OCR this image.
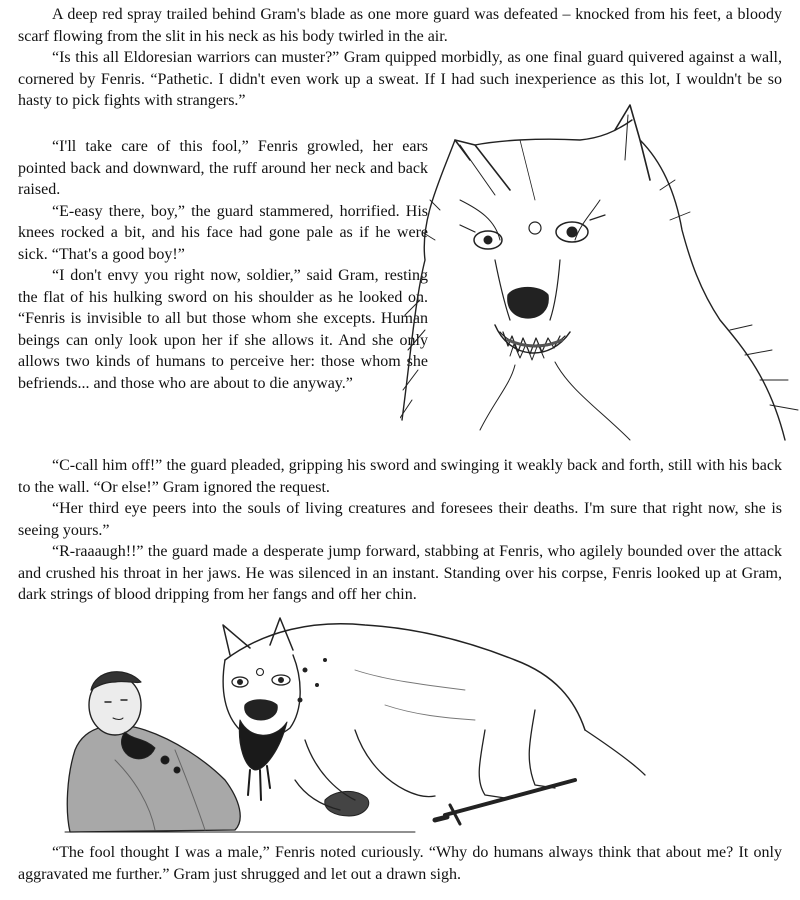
A deep red spray trailed behind Gram's blade as one more guard was defeated – knocked from his feet, a bloody scarf flowing from the slit in his neck as his body twirled in the air.

“Is this all Eldoresian warriors can muster?” Gram quipped morbidly, as one final guard quivered against a wall, cornered by Fenris. “Pathetic. I didn't even work up a sweat. If I had such inexperience as this lot, I wouldn't be so hasty to pick fights with strangers.”

“I'll take care of this fool,” Fenris growled, her ears pointed back and downward, the ruff around her neck and back raised.

“E-easy there, boy,” the guard stammered, horrified. His knees rocked a bit, and his face had gone pale as if he were sick. “That's a good boy!”

“I don't envy you right now, soldier,” said Gram, resting the flat of his hulking sword on his shoulder as he looked on. “Fenris is invisible to all but those whom she excepts. Human beings can only look upon her if she allows it. And she only allows two kinds of humans to perceive her: those whom she befriends... and those who are about to die anyway.”

“C-call him off!” the guard pleaded, gripping his sword and swinging it weakly back and forth, still with his back to the wall. “Or else!” Gram ignored the request.

“Her third eye peers into the souls of living creatures and foresees their deaths. I'm sure that right now, she is seeing yours.”

“R-raaaugh!!” the guard made a desperate jump forward, stabbing at Fenris, who agilely bounded over the attack and crushed his throat in her jaws. He was silenced in an instant. Standing over his corpse, Fenris looked up at Gram, dark strings of blood dripping from her fangs and off her chin.

“The fool thought I was a male,” Fenris noted curiously. “Why do humans always think that about me? It only aggravated me further.” Gram just shrugged and let out a drawn sigh.
